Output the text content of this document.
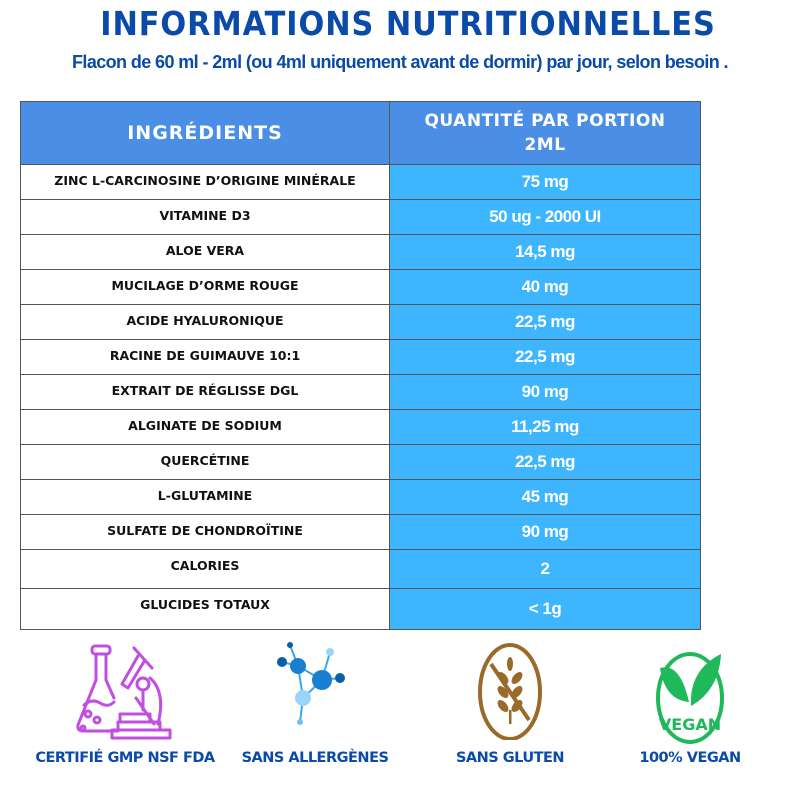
INFORMATIONS NUTRITIONNELLES
Flacon de 60 ml - 2ml (ou 4ml uniquement avant de dormir) par jour, selon besoin .
INGRÉDIENTS	QUANTITÉ PAR PORTION
2ML
ZINC L-CARCINOSINE D’ORIGINE MINÉRALE	75 mg
VITAMINE D3	50 ug - 2000 UI
ALOE VERA	14,5 mg
MUCILAGE D’ORME ROUGE	40 mg
ACIDE HYALURONIQUE	22,5 mg
RACINE DE GUIMAUVE 10:1	22,5 mg
EXTRAIT DE RÉGLISSE DGL	90 mg
ALGINATE DE SODIUM	11,25 mg
QUERCÉTINE	22,5 mg
L-GLUTAMINE	45 mg
SULFATE DE CHONDROÏTINE	90 mg
CALORIES	2
GLUCIDES TOTAUX	< 1g
CERTIFIÉ GMP NSF FDA	SANS ALLERGÈNES	SANS GLUTEN
VEGAN
100% VEGAN
